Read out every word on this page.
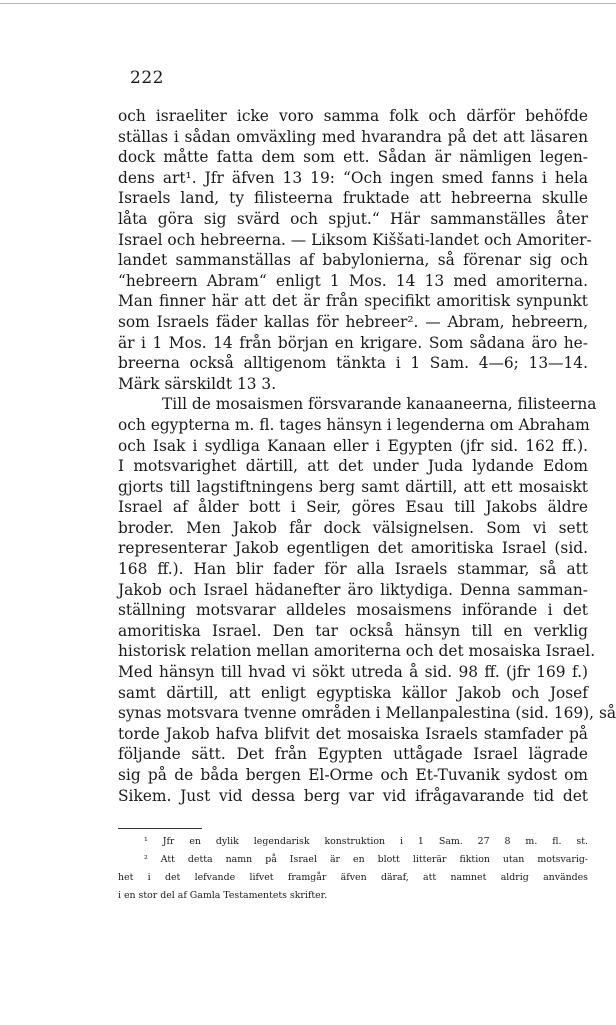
222
och israeliter icke voro samma folk och därför behöfde
ställas i sådan omväxling med hvarandra på det att läsaren
dock måtte fatta dem som ett. Sådan är nämligen legen-
dens art¹. Jfr äfven 13 19: “Och ingen smed fanns i hela
Israels land, ty filisteerna fruktade att hebreerna skulle
låta göra sig svärd och spjut.“ Här sammanställes åter
Israel och hebreerna. — Liksom Kiššati-landet och Amoriter-
landet sammanställas af babylonierna, så förenar sig och
“hebreern Abram“ enligt 1 Mos. 14 13 med amoriterna.
Man finner här att det är från specifikt amoritisk synpunkt
som Israels fäder kallas för hebreer². — Abram, hebreern,
är i 1 Mos. 14 från början en krigare. Som sådana äro he-
breerna också alltigenom tänkta i 1 Sam. 4—6; 13—14.
Märk särskildt 13 3.
Till de mosaismen försvarande kanaaneerna, filisteerna
och egypterna m. fl. tages hänsyn i legenderna om Abraham
och Isak i sydliga Kanaan eller i Egypten (jfr sid. 162 ff.).
I motsvarighet därtill, att det under Juda lydande Edom
gjorts till lagstiftningens berg samt därtill, att ett mosaiskt
Israel af ålder bott i Seir, göres Esau till Jakobs äldre
broder. Men Jakob får dock välsignelsen. Som vi sett
representerar Jakob egentligen det amoritiska Israel (sid.
168 ff.). Han blir fader för alla Israels stammar, så att
Jakob och Israel hädanefter äro liktydiga. Denna samman-
ställning motsvarar alldeles mosaismens införande i det
amoritiska Israel. Den tar också hänsyn till en verklig
historisk relation mellan amoriterna och det mosaiska Israel.
Med hänsyn till hvad vi sökt utreda å sid. 98 ff. (jfr 169 f.)
samt därtill, att enligt egyptiska källor Jakob och Josef
synas motsvara tvenne områden i Mellanpalestina (sid. 169), så
torde Jakob hafva blifvit det mosaiska Israels stamfader på
följande sätt. Det från Egypten uttågade Israel lägrade
sig på de båda bergen El-Orme och Et-Tuvanik sydost om
Sikem. Just vid dessa berg var vid ifrågavarande tid det
¹ Jfr en dylik legendarisk konstruktion i 1 Sam. 27 8 m. fl. st.
² Att detta namn på Israel är en blott litterär fiktion utan motsvarig-
het i det lefvande lifvet framgår äfven däraf, att namnet aldrig användes
i en stor del af Gamla Testamentets skrifter.
